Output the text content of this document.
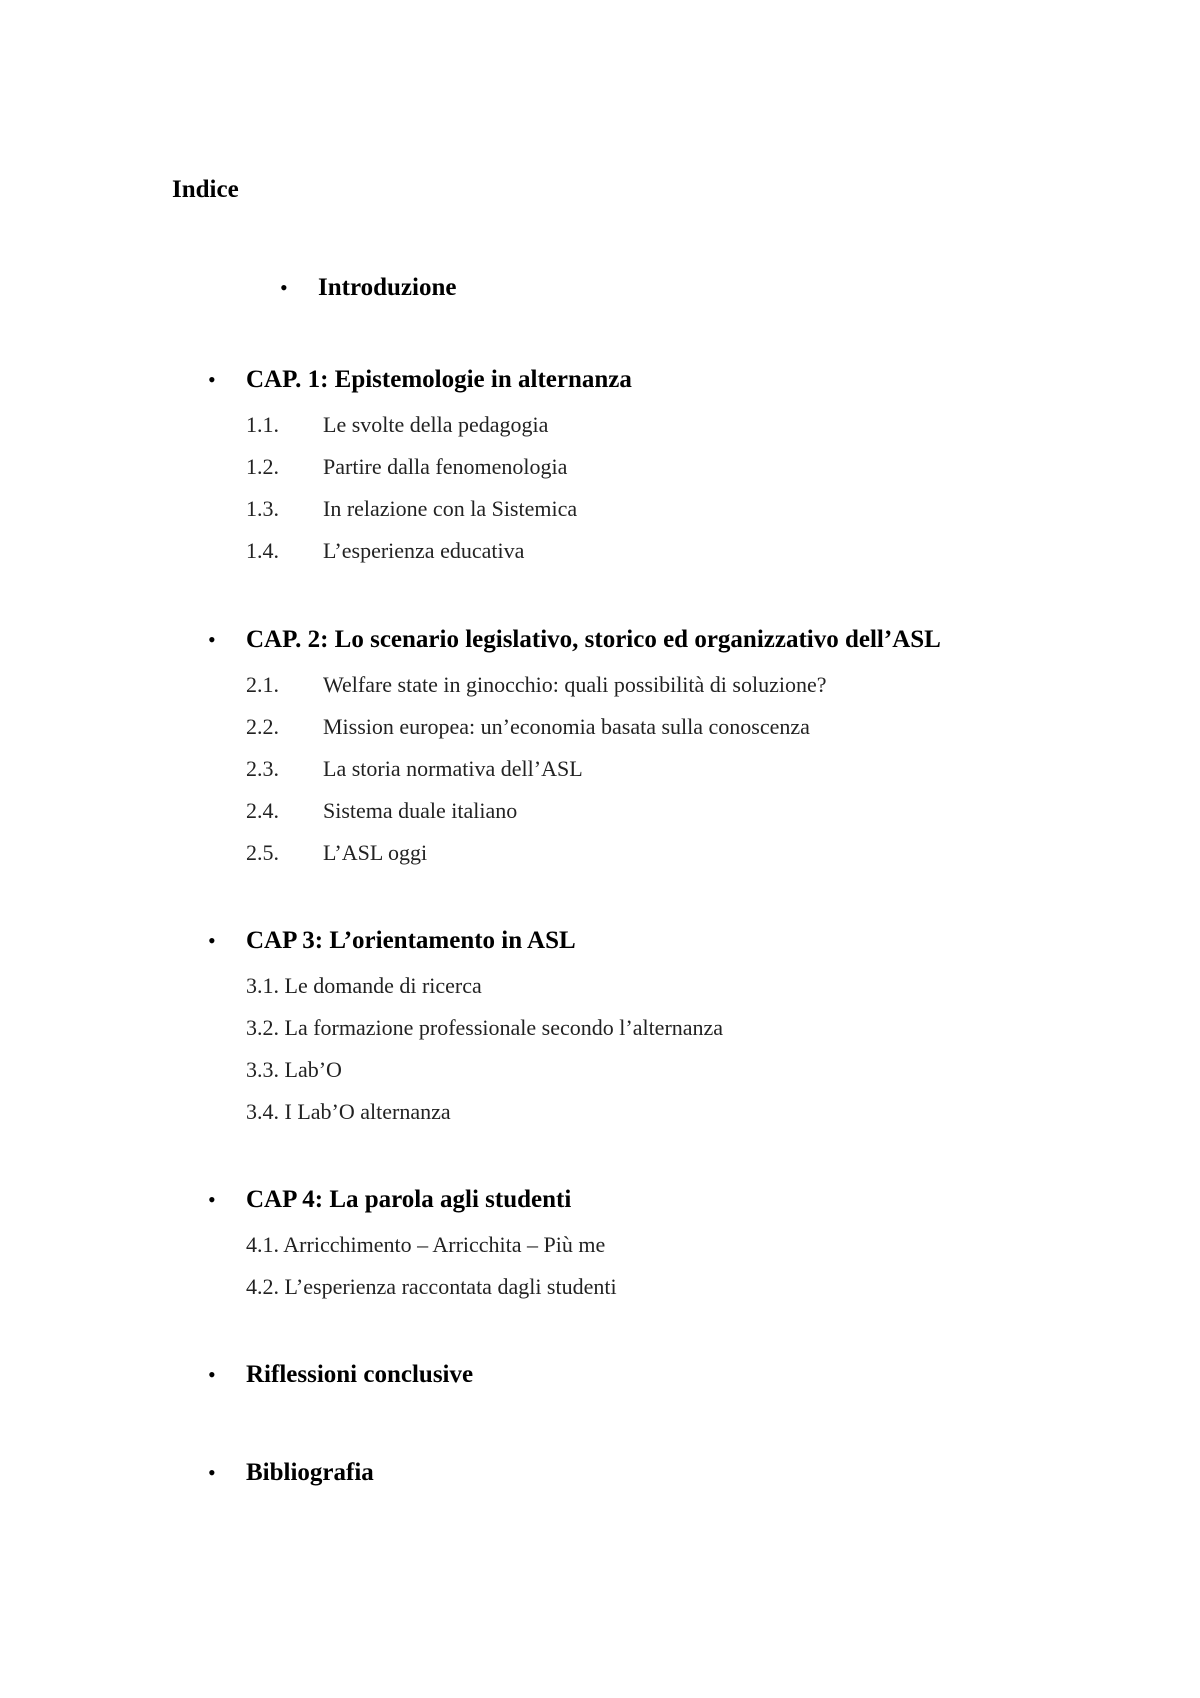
Indice
• Introduzione
• CAP. 1: Epistemologie in alternanza
1.1. Le svolte della pedagogia
1.2. Partire dalla fenomenologia
1.3. In relazione con la Sistemica
1.4. L’esperienza educativa
• CAP. 2: Lo scenario legislativo, storico ed organizzativo dell’ASL
2.1. Welfare state in ginocchio: quali possibilità di soluzione?
2.2. Mission europea: un’economia basata sulla conoscenza
2.3. La storia normativa dell’ASL
2.4. Sistema duale italiano
2.5. L’ASL oggi
• CAP 3: L’orientamento in ASL
3.1. Le domande di ricerca
3.2. La formazione professionale secondo l’alternanza
3.3. Lab’O
3.4. I Lab’O alternanza
• CAP 4: La parola agli studenti
4.1. Arricchimento – Arricchita – Più me
4.2. L’esperienza raccontata dagli studenti
• Riflessioni conclusive
• Bibliografia
